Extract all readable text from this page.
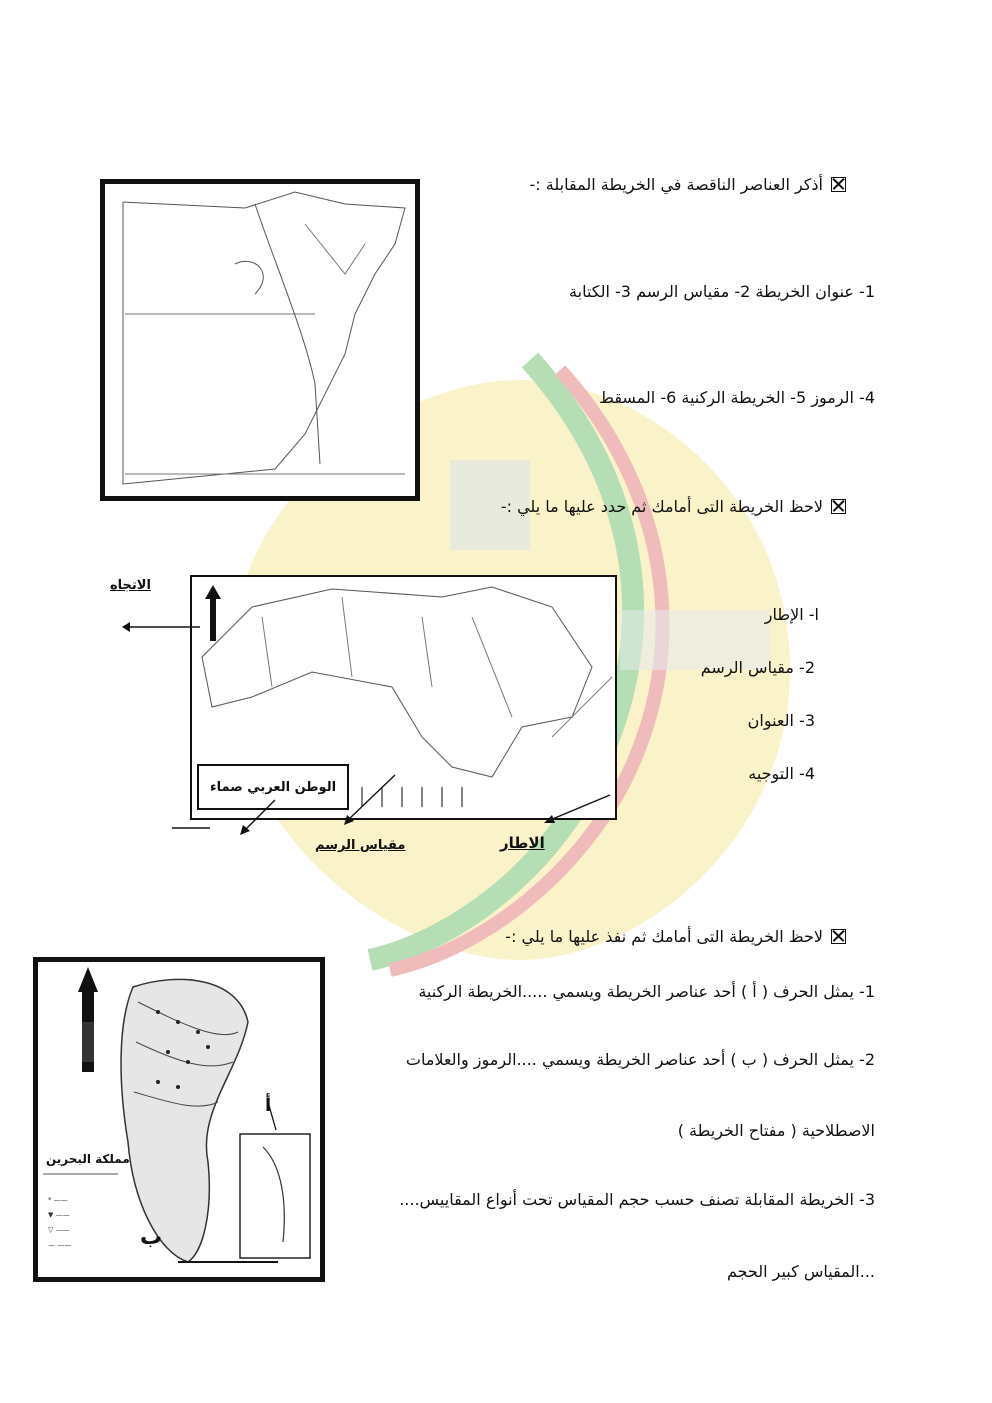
أذكر العناصر الناقصة في الخريطة المقابلة :-
1- عنوان الخريطة 2- مقياس الرسم 3- الكتابة
4- الرموز 5- الخريطة الركنية 6- المسقط
لاحظ الخريطة التى أمامك ثم حدد عليها ما يلي :-
الاتجاه
الوطن العربي صماء
مقياس الرسم	الاطار
ا- الإطار
2- مقياس الرسم
3- العنوان
4- التوجيه
لاحظ الخريطة التى أمامك ثم نفذ عليها ما يلي :-
* ——
▼ ——
▽ ——
— ——
مملكة البحرين
أ
ب
1- يمثل الحرف ( أ ) أحد عناصر الخريطة ويسمي .....الخريطة الركنية
2- يمثل الحرف ( ب ) أحد عناصر الخريطة ويسمي ....الرموز والعلامات
الاصطلاحية ( مفتاح الخريطة )
3- الخريطة المقابلة تصنف حسب حجم المقياس تحت أنواع المقاييس....
...المقياس كبير الحجم
